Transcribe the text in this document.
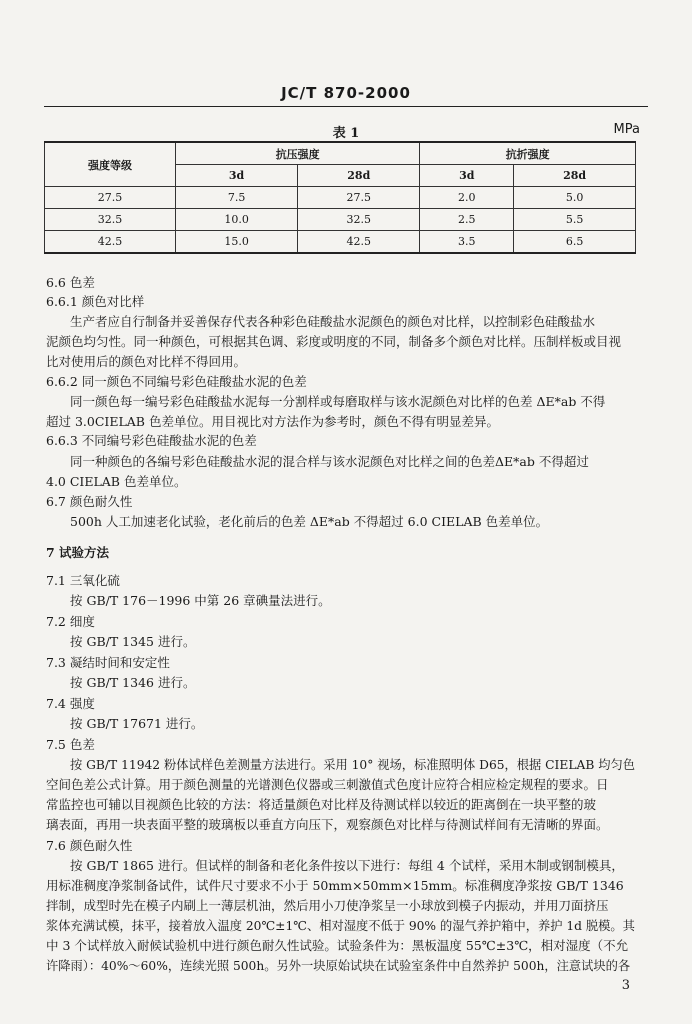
JC/T 870-2000
表 1	MPa
强度等级	抗压强度		抗折强度	
	3d	28d	3d	28d
27.5	7.5	27.5	2.0	5.0
32.5	10.0	32.5	2.5	5.5
42.5	15.0	42.5	3.5	6.5
6.6 色差
6.6.1 颜色对比样
生产者应自行制备并妥善保存代表各种彩色硅酸盐水泥颜色的颜色对比样，以控制彩色硅酸盐水
泥颜色均匀性。同一种颜色，可根据其色调、彩度或明度的不同，制备多个颜色对比样。压制样板或目视
比对使用后的颜色对比样不得回用。
6.6.2 同一颜色不同编号彩色硅酸盐水泥的色差
同一颜色每一编号彩色硅酸盐水泥每一分割样或每磨取样与该水泥颜色对比样的色差 ΔE*ab 不得
超过 3.0CIELAB 色差单位。用目视比对方法作为参考时，颜色不得有明显差异。
6.6.3 不同编号彩色硅酸盐水泥的色差
同一种颜色的各编号彩色硅酸盐水泥的混合样与该水泥颜色对比样之间的色差ΔE*ab 不得超过
4.0 CIELAB 色差单位。
6.7 颜色耐久性
500h 人工加速老化试验，老化前后的色差 ΔE*ab 不得超过 6.0 CIELAB 色差单位。
7 试验方法
7.1 三氧化硫
按 GB/T 176－1996 中第 26 章碘量法进行。
7.2 细度
按 GB/T 1345 进行。
7.3 凝结时间和安定性
按 GB/T 1346 进行。
7.4 强度
按 GB/T 17671 进行。
7.5 色差
按 GB/T 11942 粉体试样色差测量方法进行。采用 10° 视场，标准照明体 D65，根据 CIELAB 均匀色
空间色差公式计算。用于颜色测量的光谱测色仪器或三刺激值式色度计应符合相应检定规程的要求。日
常监控也可辅以目视颜色比较的方法：将适量颜色对比样及待测试样以较近的距离倒在一块平整的玻
璃表面，再用一块表面平整的玻璃板以垂直方向压下，观察颜色对比样与待测试样间有无清晰的界面。
7.6 颜色耐久性
按 GB/T 1865 进行。但试样的制备和老化条件按以下进行：每组 4 个试样，采用木制或钢制模具，
用标准稠度净浆制备试件，试件尺寸要求不小于 50mm×50mm×15mm。标准稠度净浆按 GB/T 1346
拌制，成型时先在模子内刷上一薄层机油，然后用小刀使净浆呈一小球放到模子内振动，并用刀面挤压
浆体充满试模，抹平，接着放入温度 20℃±1℃、相对湿度不低于 90% 的湿气养护箱中，养护 1d 脱模。其
中 3 个试样放入耐候试验机中进行颜色耐久性试验。试验条件为：黑板温度 55℃±3℃，相对湿度（不允
许降雨）：40%～60%，连续光照 500h。另外一块原始试块在试验室条件中自然养护 500h，注意试块的各
3
